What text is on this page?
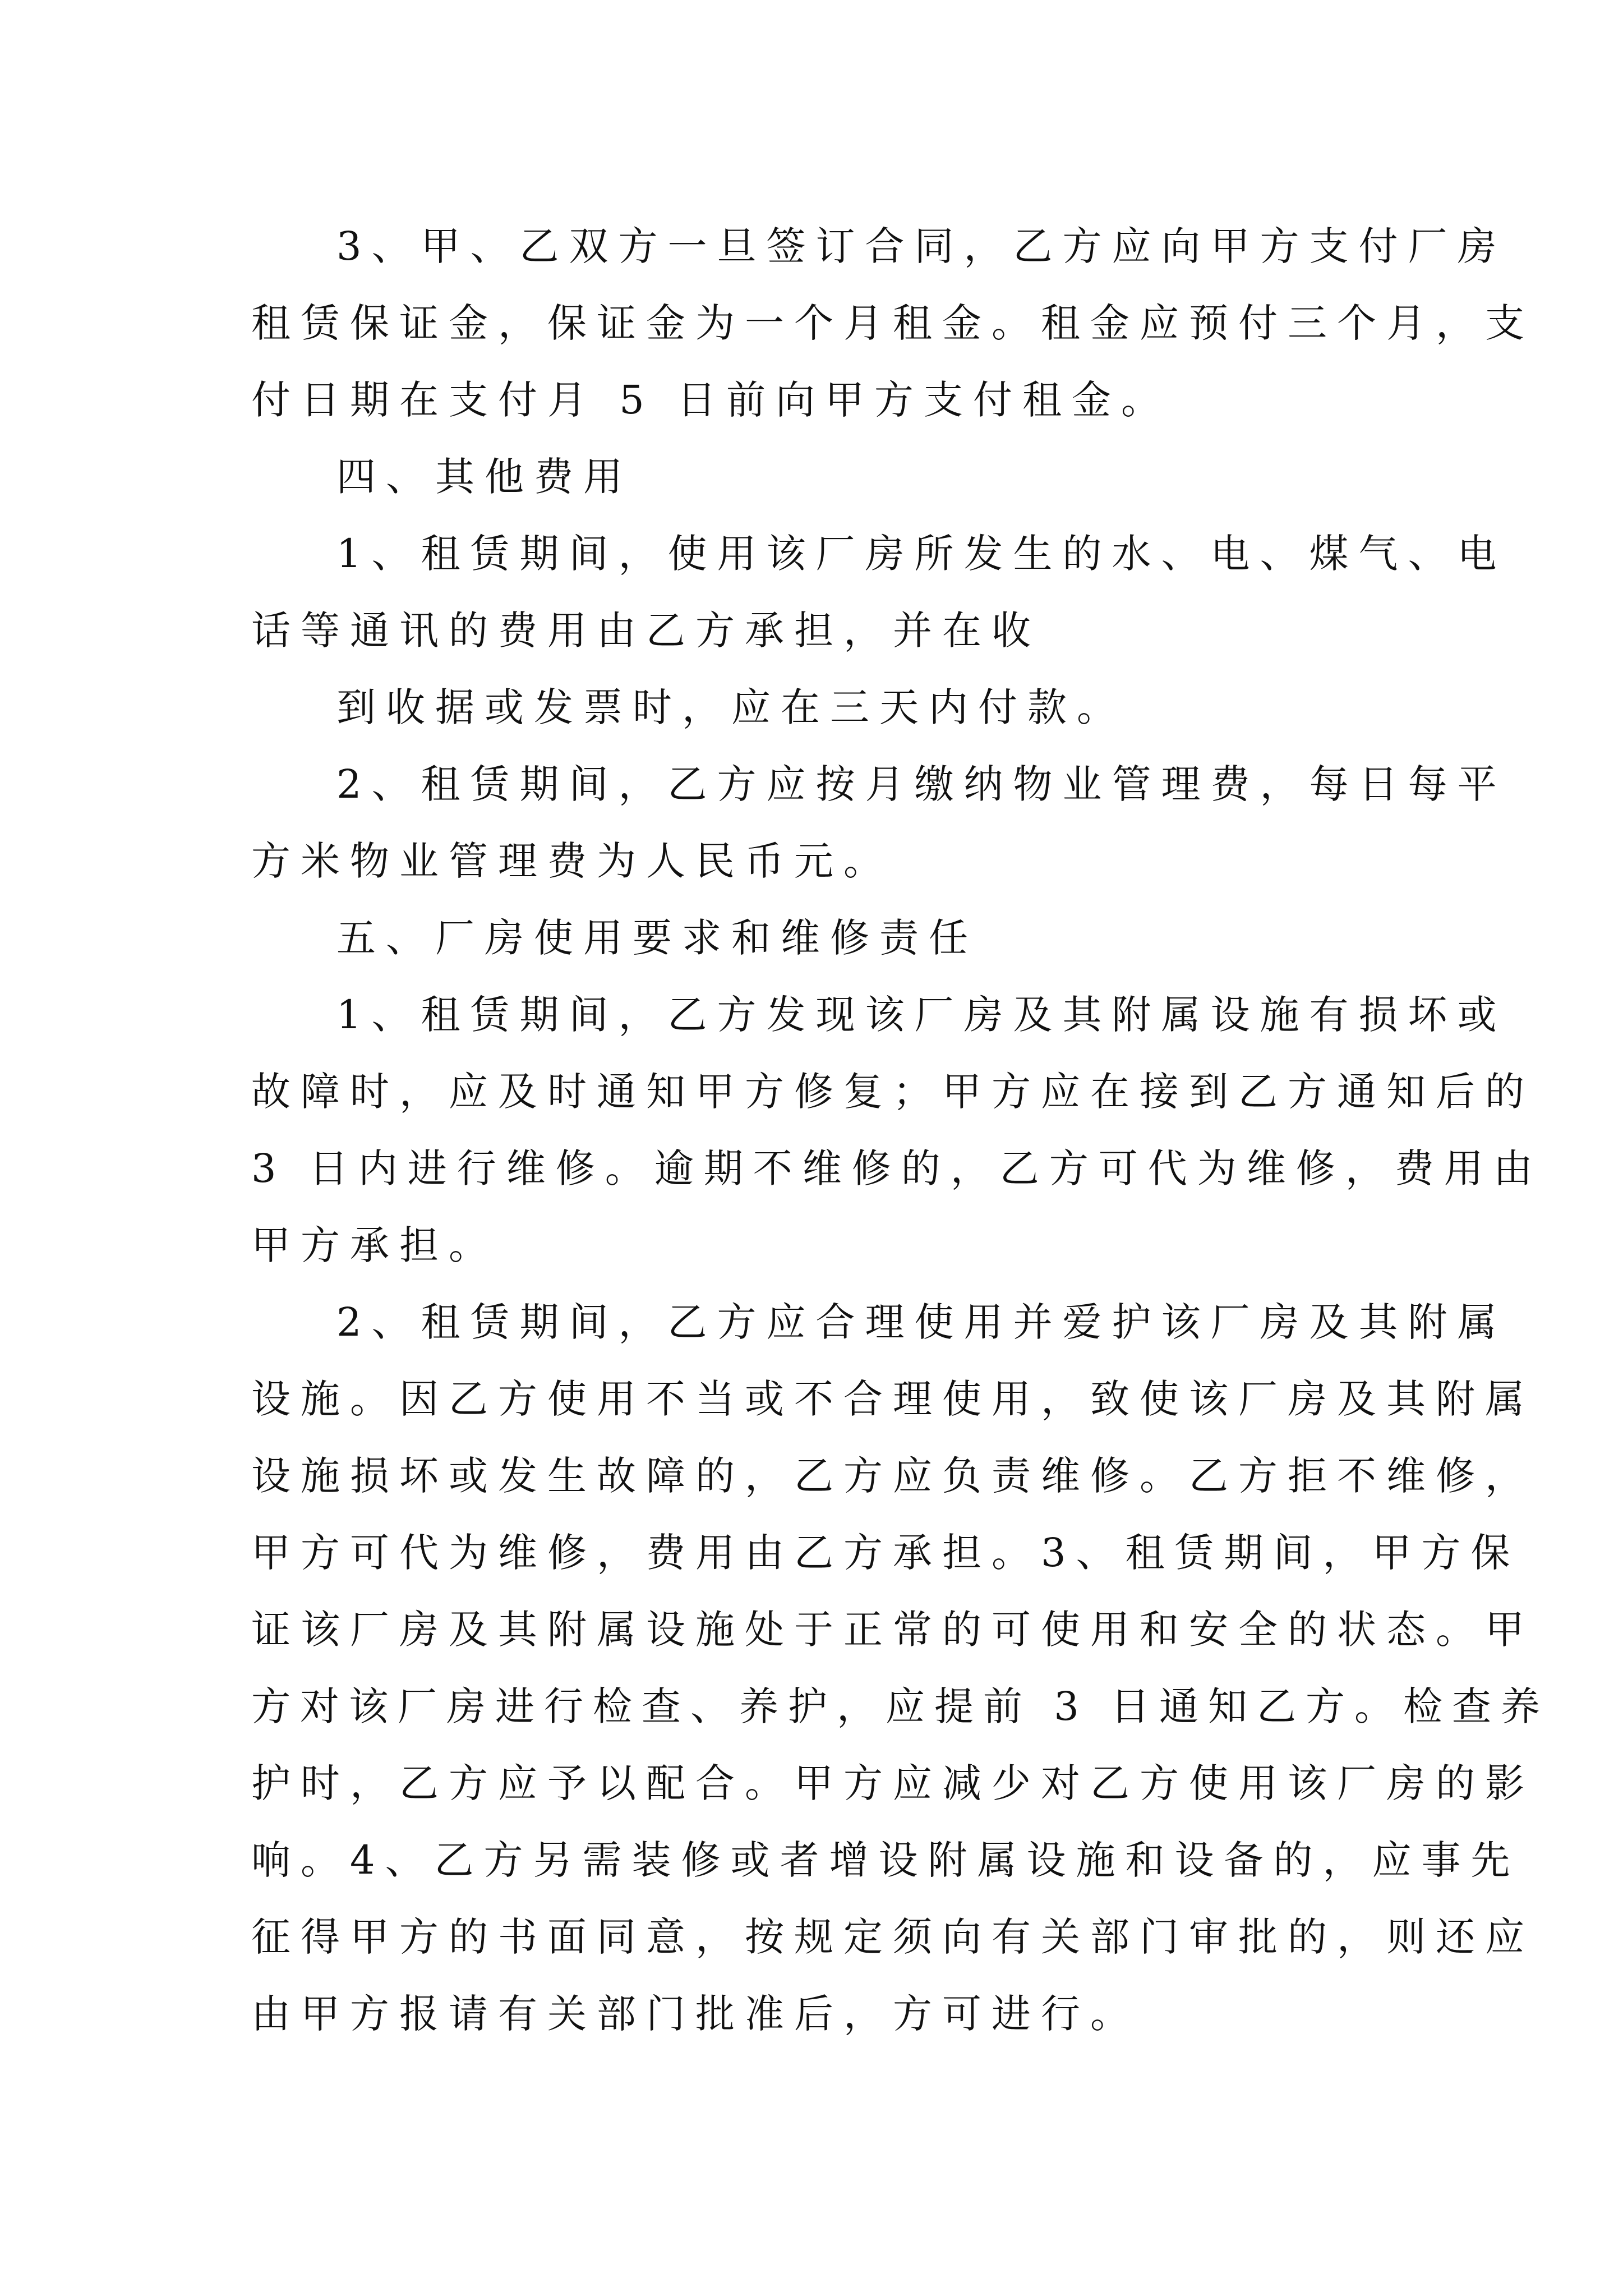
3、甲、乙双方一旦签订合同，乙方应向甲方支付厂房
租赁保证金，保证金为一个月租金。租金应预付三个月，支
付日期在支付月 5 日前向甲方支付租金。
四、其他费用
1、租赁期间，使用该厂房所发生的水、电、煤气、电
话等通讯的费用由乙方承担，并在收
到收据或发票时，应在三天内付款。
2、租赁期间，乙方应按月缴纳物业管理费，每日每平
方米物业管理费为人民币元。
五、厂房使用要求和维修责任
1、租赁期间，乙方发现该厂房及其附属设施有损坏或
故障时，应及时通知甲方修复；甲方应在接到乙方通知后的
3 日内进行维修。逾期不维修的，乙方可代为维修，费用由
甲方承担。
2、租赁期间，乙方应合理使用并爱护该厂房及其附属
设施。因乙方使用不当或不合理使用，致使该厂房及其附属
设施损坏或发生故障的，乙方应负责维修。乙方拒不维修，
甲方可代为维修，费用由乙方承担。3、租赁期间，甲方保
证该厂房及其附属设施处于正常的可使用和安全的状态。甲
方对该厂房进行检查、养护，应提前 3 日通知乙方。检查养
护时，乙方应予以配合。甲方应减少对乙方使用该厂房的影
响。4、乙方另需装修或者增设附属设施和设备的，应事先
征得甲方的书面同意，按规定须向有关部门审批的，则还应
由甲方报请有关部门批准后，方可进行。
